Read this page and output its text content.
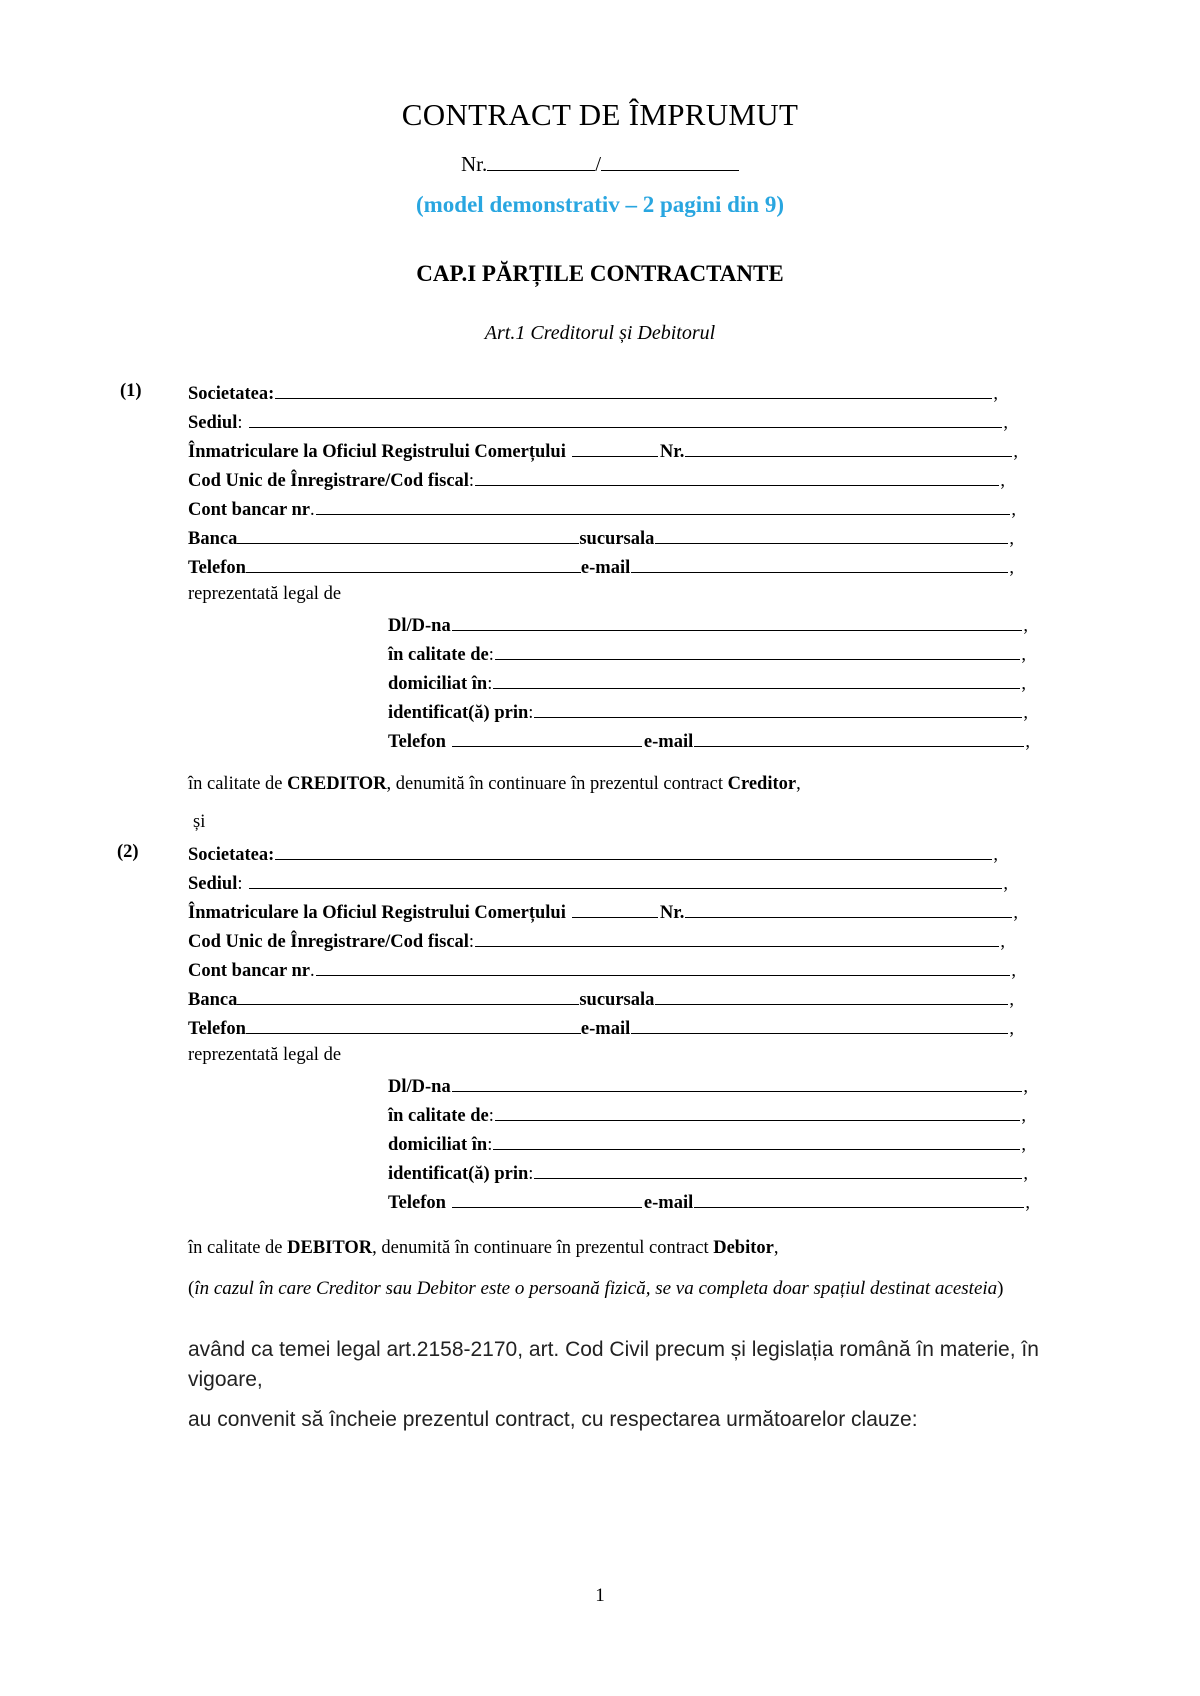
CONTRACT DE ÎMPRUMUT
Nr.	/
(model demonstrativ – 2 pagini din 9)
CAP.I PĂRȚILE CONTRACTANTE
Art.1 Creditorul și Debitorul
(1)	Societatea:	,
Sediul :	,
Înmatriculare la Oficiul Registrului Comerțului	Nr.	,
Cod Unic de Înregistrare/Cod fiscal :	,
Cont bancar nr .	,
Banca	sucursala	,
Telefon	e-mail	,
reprezentată legal de
Dl/D-na	,
în calitate de :	,
domiciliat în :	,
identificat(ă) prin :	,
Telefon	e-mail	,
în calitate de CREDITOR, denumită în continuare în prezentul contract Creditor,
și
(2)	Societatea:	,
Sediul :	,
Înmatriculare la Oficiul Registrului Comerțului	Nr.	,
Cod Unic de Înregistrare/Cod fiscal :	,
Cont bancar nr .	,
Banca	sucursala	,
Telefon	e-mail	,
reprezentată legal de
Dl/D-na	,
în calitate de :	,
domiciliat în :	,
identificat(ă) prin :	,
Telefon	e-mail	,
în calitate de DEBITOR, denumită în continuare în prezentul contract Debitor,
(în cazul în care Creditor sau Debitor este o persoană fizică, se va completa doar spațiul destinat acesteia)
având ca temei legal art.2158-2170, art. Cod Civil precum și legislația română în materie, în vigoare,
au convenit să încheie prezentul contract, cu respectarea următoarelor clauze:
1
